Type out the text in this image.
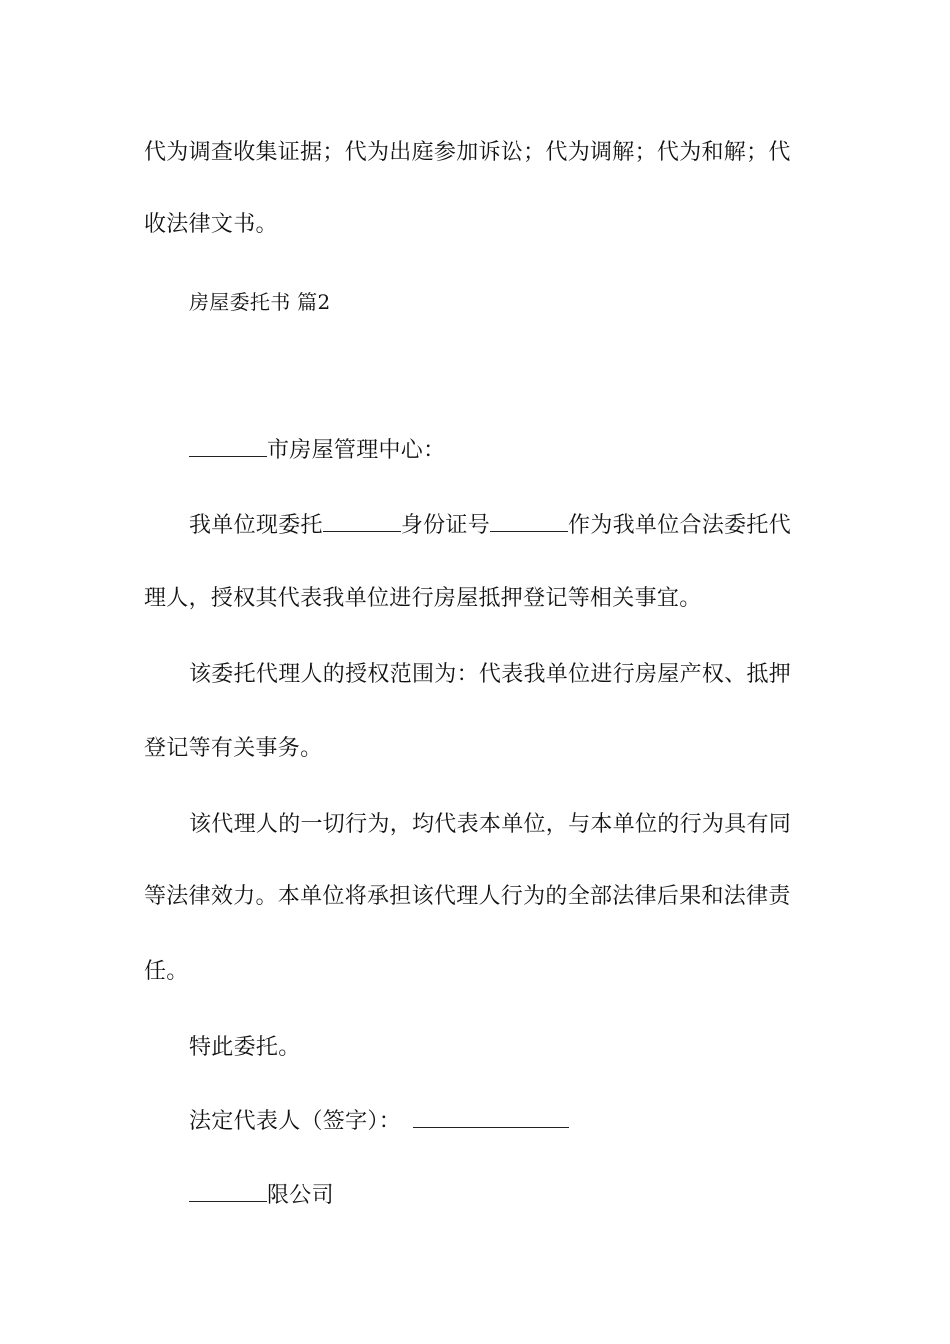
代为调查收集证据；代为出庭参加诉讼；代为调解；代为和解；代
收法律文书。
房屋委托书 篇2
市房屋管理中心：
我单位现委托	身份证号	作为我单位合法委托代
理人，授权其代表我单位进行房屋抵押登记等相关事宜。
该委托代理人的授权范围为：代表我单位进行房屋产权、抵押
登记等有关事务。
该代理人的一切行为，均代表本单位，与本单位的行为具有同
等法律效力。本单位将承担该代理人行为的全部法律后果和法律责
任。
特此委托。
法定代表人（签字）：
限公司
